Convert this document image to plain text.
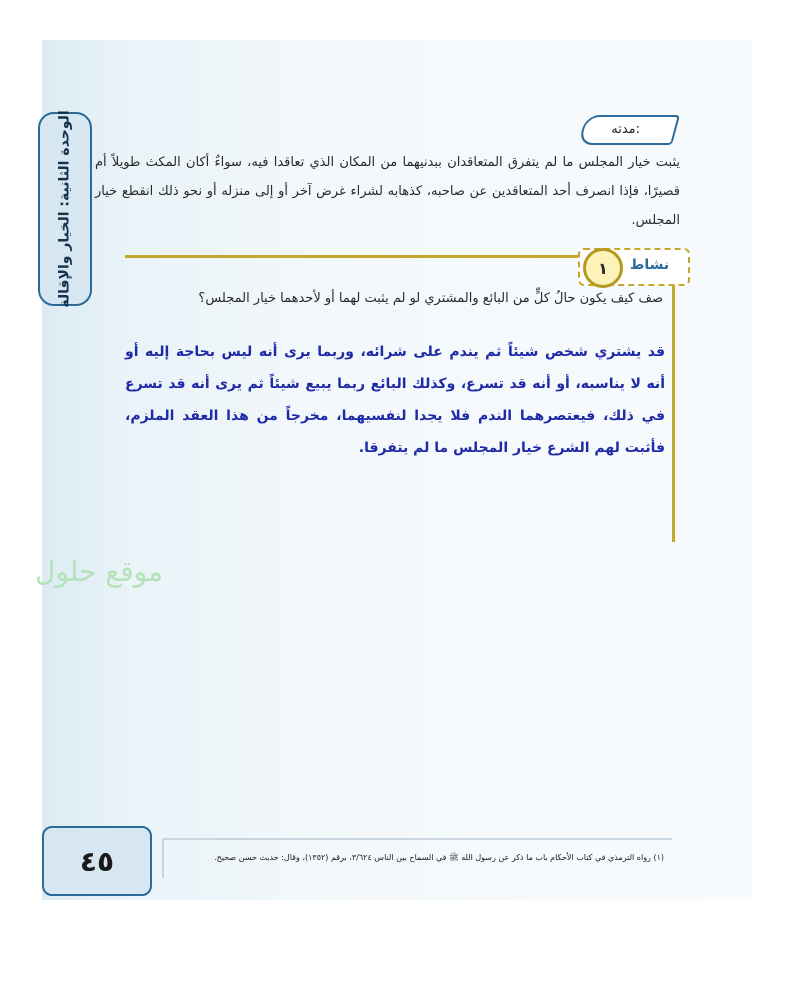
الوحدة الثانية: الخيار والإقالة	مدته:
يثبت خيار المجلس ما لم يتفرق المتعاقدان ببدنيهما من المكان الذي تعاقدا فيه، سواءٌ أكان المكث طويلاً أم قصيرًا، فإذا انصرف أحد المتعاقدين عن صاحبه، كذهابه لشراء غرض آخر أو إلى منزله أو نحو ذلك انقطع خيار المجلس.
١	نشاط
صف كيف يكون حالُ كلٍّ من البائع والمشتري لو لم يثبت لهما أو لأحدهما خيار المجلس؟
قد يشتري شخص شيئاً ثم يندم على شرائه، وربما يرى أنه ليس بحاجة إليه أو أنه لا يناسبه، أو أنه قد تسرع، وكذلك البائع ربما يبيع شيئاً ثم يرى أنه قد تسرع في ذلك، فيعتصرهما الندم فلا يجدا لنفسيهما، مخرجاً من هذا العقد الملزم، فأثبت لهم الشرع خيار المجلس ما لم يتفرقا.
موقع حلول
٤٥	(١) رواه الترمذي في كتاب الأحكام باب ما ذكر عن رسول الله ﷺ في السماح بين الناس ٣/٦٢٤، برقم (١٣٥٢)، وقال: حديث حسن صحيح.
